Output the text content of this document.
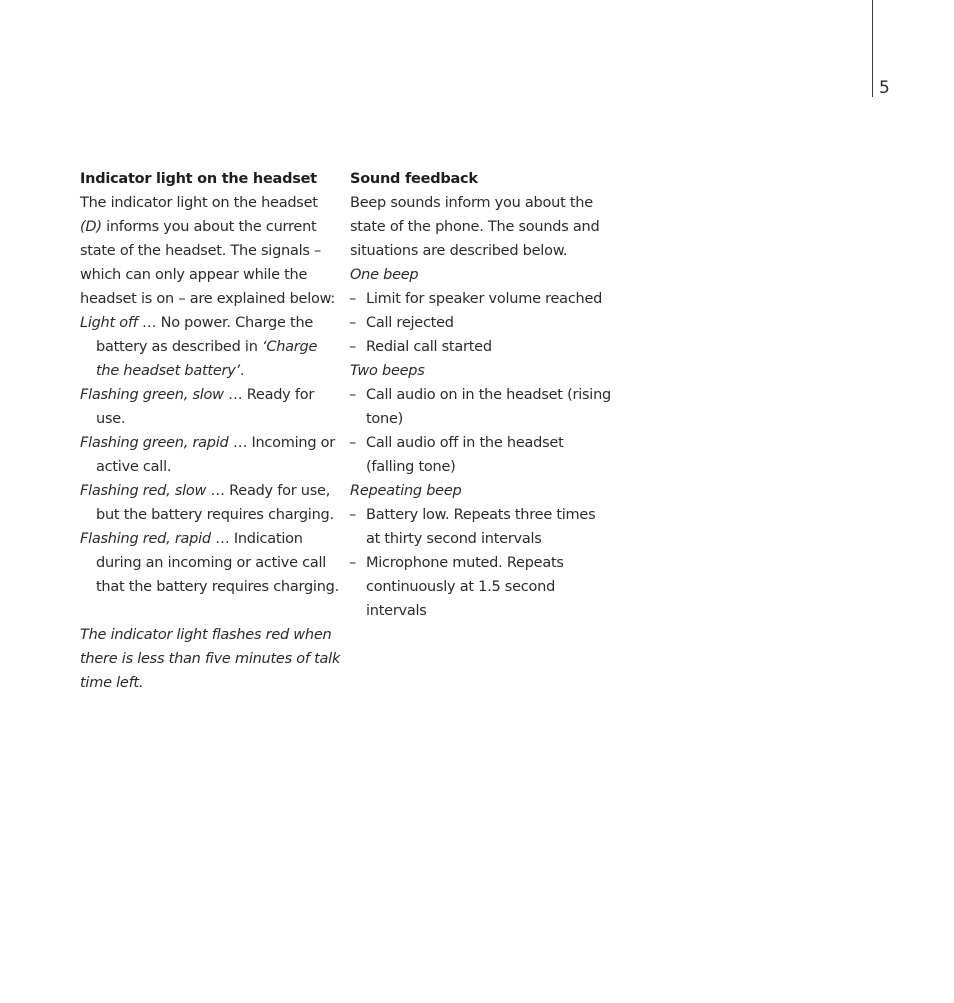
5
Indicator light on the headset

The indicator light on the headset (D) informs you about the current state of the headset. The signals – which can only appear while the headset is on – are explained below:

Light off … No power. Charge the battery as described in ‘Charge the headset battery’.

Flashing green, slow … Ready for use.

Flashing green, rapid … Incoming or active call.

Flashing red, slow … Ready for use, but the battery requires charging.

Flashing red, rapid … Indication during an incoming or active call that the battery requires charging.

The indicator light flashes red when there is less than five minutes of talk time left.

Sound feedback

Beep sounds inform you about the state of the phone. The sounds and situations are described below.

One beep

– Limit for speaker volume reached

– Call rejected

– Redial call started

Two beeps

– Call audio on in the headset (rising tone)

– Call audio off in the headset (falling tone)

Repeating beep

– Battery low. Repeats three times at thirty second intervals

– Microphone muted. Repeats continuously at 1.5 second intervals
